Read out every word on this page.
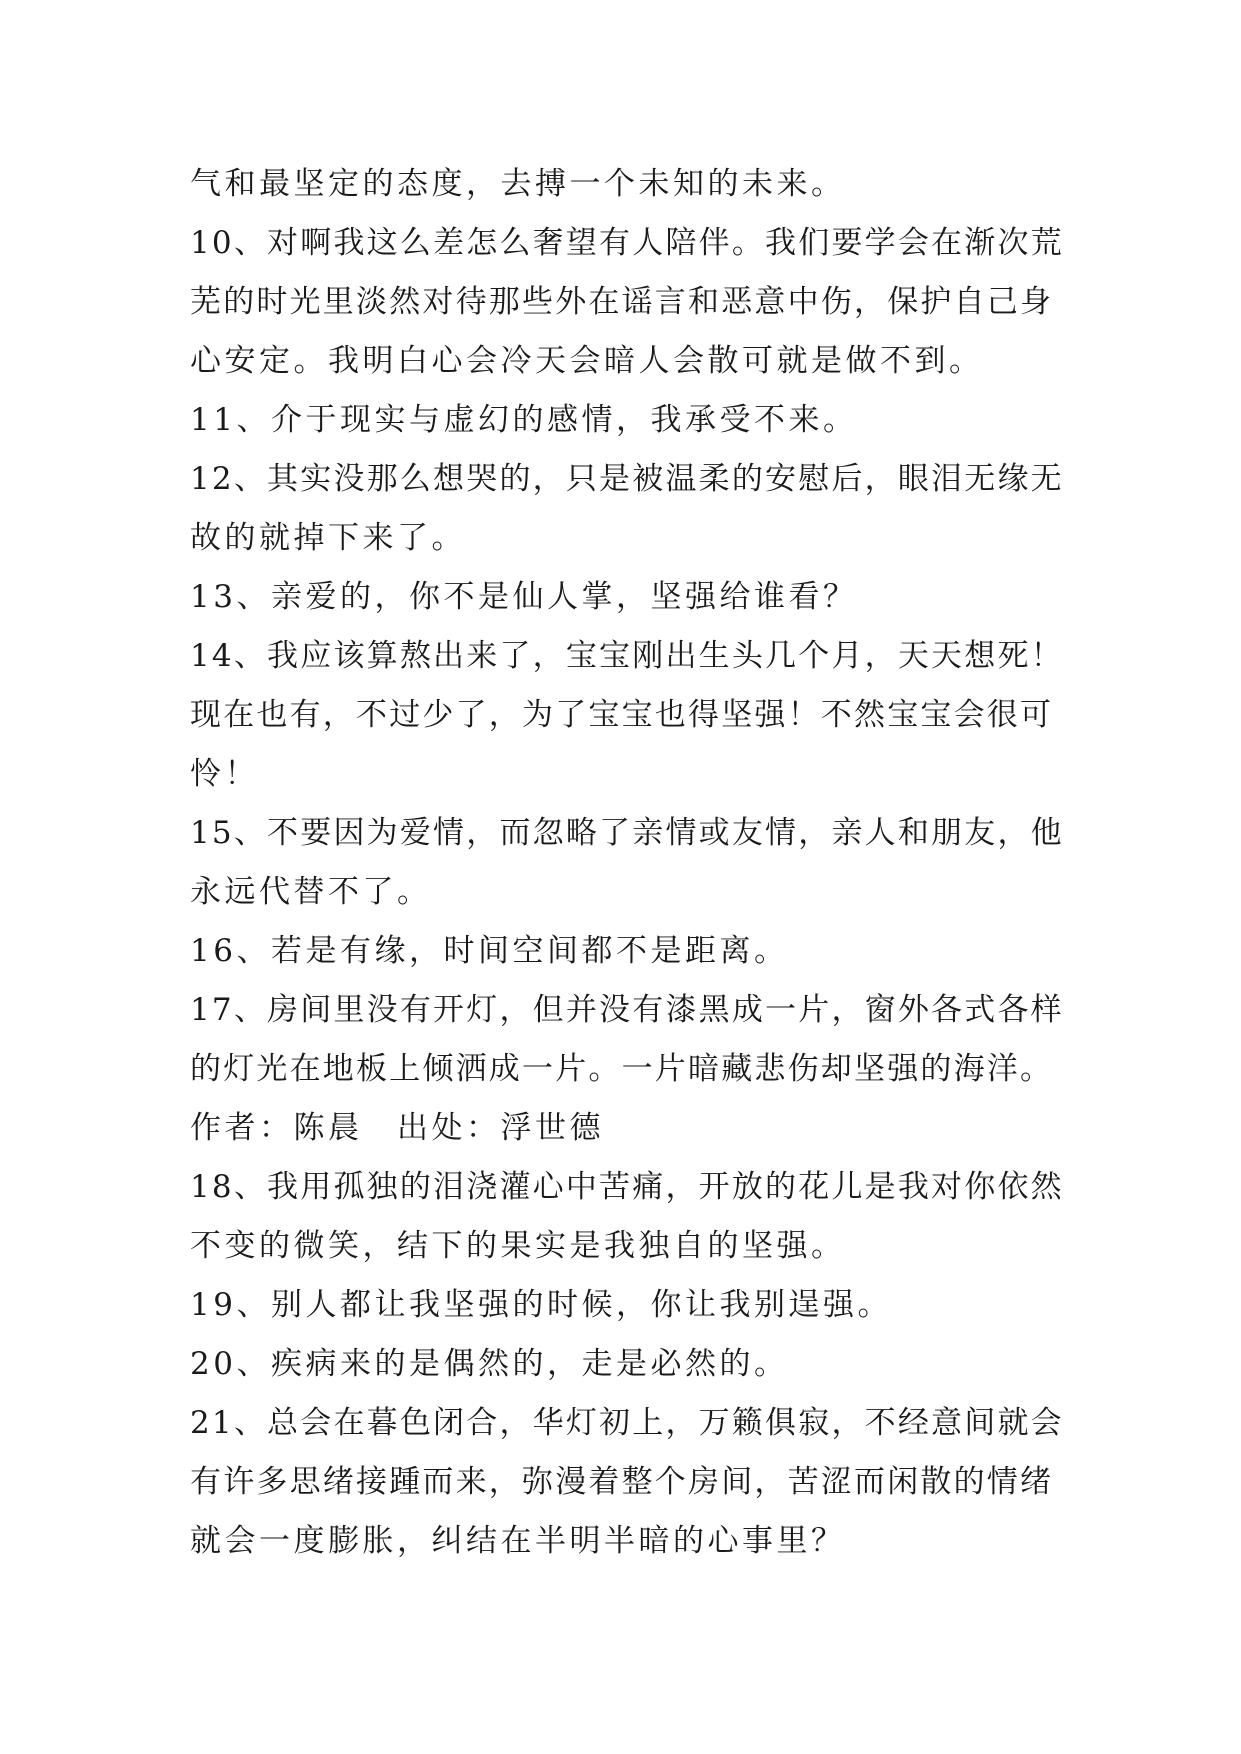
气和最坚定的态度，去搏一个未知的未来。
10、对啊我这么差怎么奢望有人陪伴。我们要学会在渐次荒
芜的时光里淡然对待那些外在谣言和恶意中伤，保护自己身
心安定。我明白心会冷天会暗人会散可就是做不到。
11、介于现实与虚幻的感情，我承受不来。
12、其实没那么想哭的，只是被温柔的安慰后，眼泪无缘无
故的就掉下来了。
13、亲爱的，你不是仙人掌，坚强给谁看？
14、我应该算熬出来了，宝宝刚出生头几个月，天天想死！
现在也有，不过少了，为了宝宝也得坚强！不然宝宝会很可
怜！
15、不要因为爱情，而忽略了亲情或友情，亲人和朋友，他
永远代替不了。
16、若是有缘，时间空间都不是距离。
17、房间里没有开灯，但并没有漆黑成一片，窗外各式各样
的灯光在地板上倾洒成一片。一片暗藏悲伤却坚强的海洋。
作者：陈晨　出处：浮世德
18、我用孤独的泪浇灌心中苦痛，开放的花儿是我对你依然
不变的微笑，结下的果实是我独自的坚强。
19、别人都让我坚强的时候，你让我别逞强。
20、疾病来的是偶然的，走是必然的。
21、总会在暮色闭合，华灯初上，万籁俱寂，不经意间就会
有许多思绪接踵而来，弥漫着整个房间，苦涩而闲散的情绪
就会一度膨胀，纠结在半明半暗的心事里？
